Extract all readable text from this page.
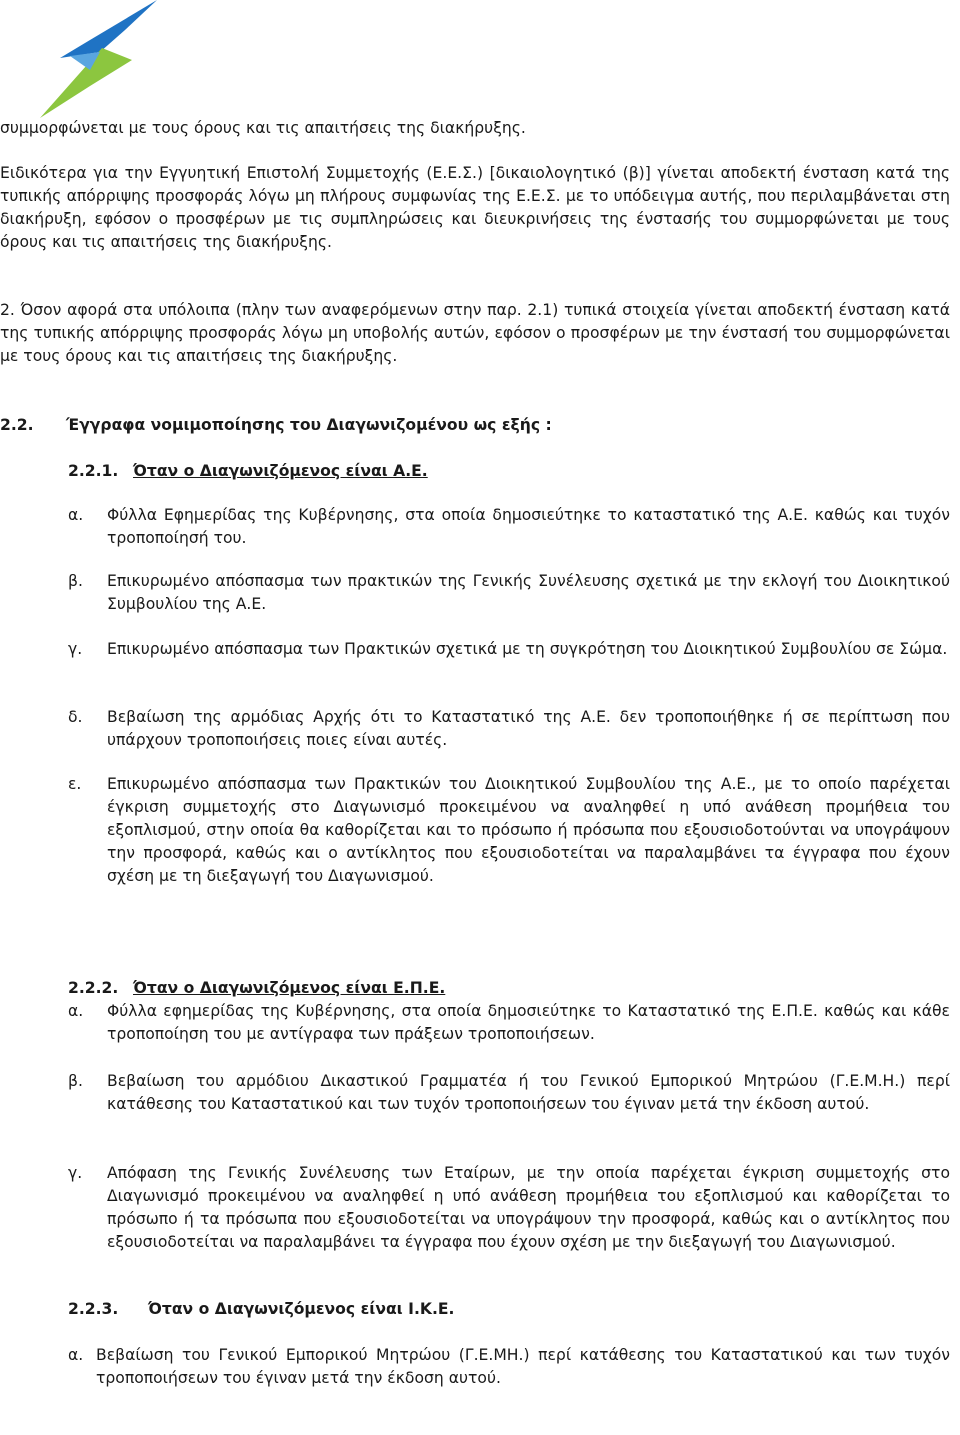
συμμορφώνεται με τους όρους και τις απαιτήσεις της διακήρυξης.

Ειδικότερα για την Εγγυητική Επιστολή Συμμετοχής (Ε.Ε.Σ.) [δικαιολογητικό (β)] γίνεται αποδεκτή ένσταση κατά της τυπικής απόρριψης προσφοράς λόγω μη πλήρους συμφωνίας της Ε.Ε.Σ. με το υπόδειγμα αυτής, που περιλαμβάνεται στη διακήρυξη, εφόσον ο προσφέρων με τις συμπληρώσεις και διευκρινήσεις της ένστασής του συμμορφώνεται με τους όρους και τις απαιτήσεις της διακήρυξης.

2. Όσον αφορά στα υπόλοιπα (πλην των αναφερόμενων στην παρ. 2.1) τυπικά στοιχεία γίνεται αποδεκτή ένσταση κατά της τυπικής απόρριψης προσφοράς λόγω μη υποβολής αυτών, εφόσον ο προσφέρων με την ένστασή του συμμορφώνεται με τους όρους και τις απαιτήσεις της διακήρυξης.

2.2. Έγγραφα νομιμοποίησης του Διαγωνιζομένου ως εξής :
2.2.1. Όταν ο Διαγωνιζόμενος είναι Α.Ε.
α. Φύλλα Εφημερίδας της Κυβέρνησης, στα οποία δημοσιεύτηκε το καταστατικό της Α.Ε. καθώς και τυχόν τροποποίησή του.

β. Επικυρωμένο απόσπασμα των πρακτικών της Γενικής Συνέλευσης σχετικά με την εκλογή του Διοικητικού Συμβουλίου της Α.Ε.

γ. Επικυρωμένο απόσπασμα των Πρακτικών σχετικά με τη συγκρότηση του Διοικητικού Συμβουλίου σε Σώμα.

δ. Βεβαίωση της αρμόδιας Αρχής ότι το Καταστατικό της Α.Ε. δεν τροποποιήθηκε ή σε περίπτωση που υπάρχουν τροποποιήσεις ποιες είναι αυτές.

ε. Επικυρωμένο απόσπασμα των Πρακτικών του Διοικητικού Συμβουλίου της Α.Ε., με το οποίο παρέχεται έγκριση συμμετοχής στο Διαγωνισμό προκειμένου να αναληφθεί η υπό ανάθεση προμήθεια του εξοπλισμού, στην οποία θα καθορίζεται και το πρόσωπο ή πρόσωπα που εξουσιοδοτούνται να υπογράψουν την προσφορά, καθώς και ο αντίκλητος που εξουσιοδοτείται να παραλαμβάνει τα έγγραφα που έχουν σχέση με τη διεξαγωγή του Διαγωνισμού.

2.2.2. Όταν ο Διαγωνιζόμενος είναι Ε.Π.Ε.
α. Φύλλα εφημερίδας της Κυβέρνησης, στα οποία δημοσιεύτηκε το Καταστατικό της Ε.Π.Ε. καθώς και κάθε τροποποίηση του με αντίγραφα των πράξεων τροποποιήσεων.

β. Βεβαίωση του αρμόδιου Δικαστικού Γραμματέα ή του Γενικού Εμπορικού Μητρώου (Γ.Ε.Μ.Η.) περί κατάθεσης του Καταστατικού και των τυχόν τροποποιήσεων του έγιναν μετά την έκδοση αυτού.

γ. Απόφαση της Γενικής Συνέλευσης των Εταίρων, με την οποία παρέχεται έγκριση συμμετοχής στο Διαγωνισμό προκειμένου να αναληφθεί η υπό ανάθεση προμήθεια του εξοπλισμού και καθορίζεται το πρόσωπο ή τα πρόσωπα που εξουσιοδοτείται να υπογράψουν την προσφορά, καθώς και ο αντίκλητος που εξουσιοδοτείται να παραλαμβάνει τα έγγραφα που έχουν σχέση με την διεξαγωγή του Διαγωνισμού.

2.2.3. Όταν ο Διαγωνιζόμενος είναι Ι.Κ.Ε.
α. Βεβαίωση του Γενικού Εμπορικού Μητρώου (Γ.Ε.ΜΗ.) περί κατάθεσης του Καταστατικού και των τυχόν τροποποιήσεων του έγιναν μετά την έκδοση αυτού.
